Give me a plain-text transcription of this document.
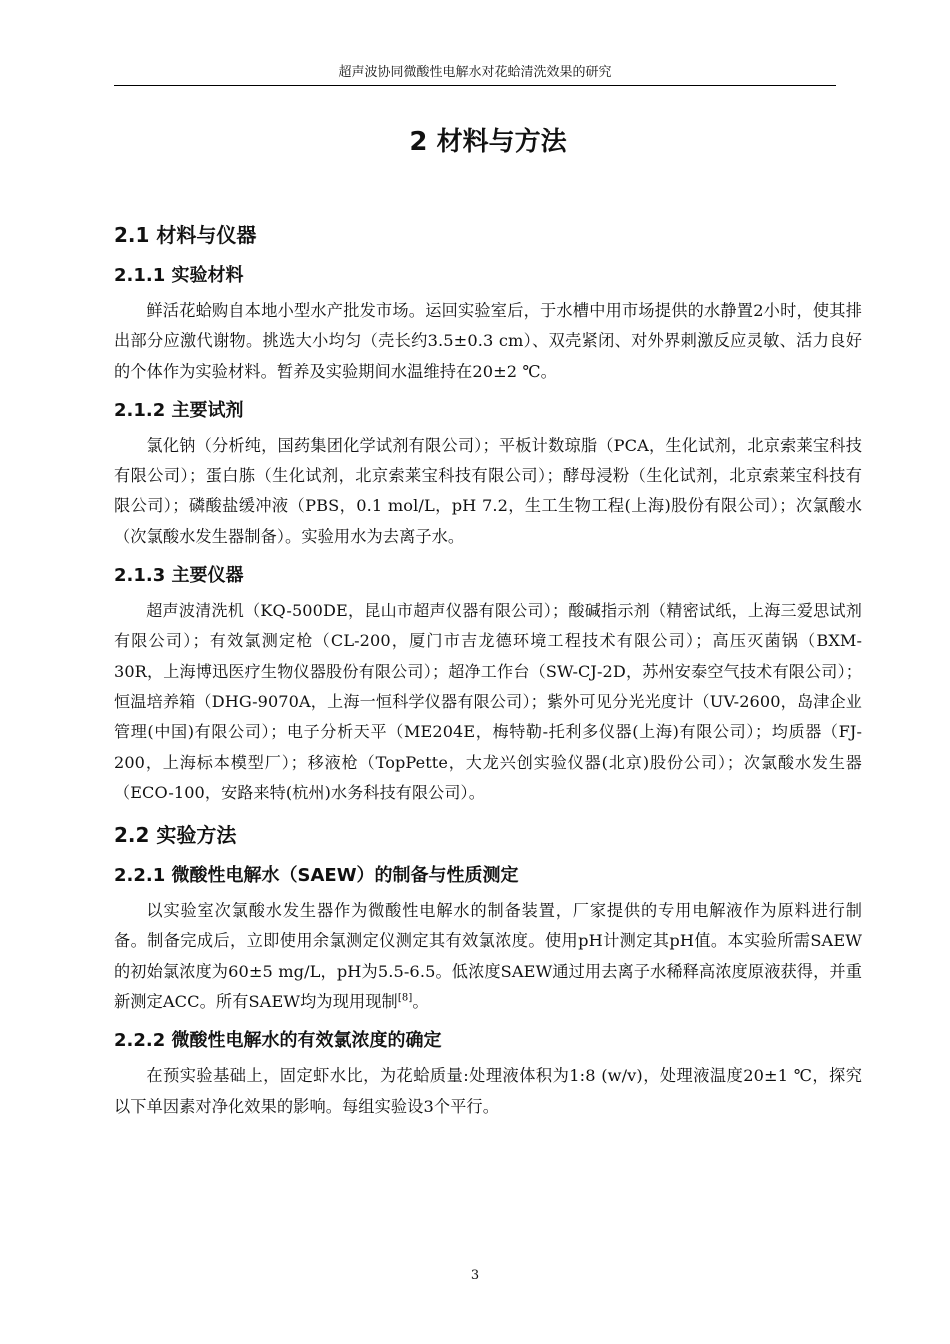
超声波协同微酸性电解水对花蛤清洗效果的研究
2 材料与方法
2.1 材料与仪器
2.1.1 实验材料

鲜活花蛤购自本地小型水产批发市场。运回实验室后，于水槽中用市场提供的水静置2小时，使其排出部分应激代谢物。挑选大小均匀（壳长约3.5±0.3 cm）、双壳紧闭、对外界刺激反应灵敏、活力良好的个体作为实验材料。暂养及实验期间水温维持在20±2 ℃。

2.1.2 主要试剂

氯化钠（分析纯，国药集团化学试剂有限公司）；平板计数琼脂（PCA，生化试剂，北京索莱宝科技有限公司）；蛋白胨（生化试剂，北京索莱宝科技有限公司）；酵母浸粉（生化试剂，北京索莱宝科技有限公司）；磷酸盐缓冲液（PBS，0.1 mol/L，pH 7.2，生工生物工程(上海)股份有限公司）；次氯酸水（次氯酸水发生器制备）。实验用水为去离子水。

2.1.3 主要仪器

超声波清洗机（KQ-500DE，昆山市超声仪器有限公司）；酸碱指示剂（精密试纸，上海三爱思试剂有限公司）；有效氯测定枪（CL-200，厦门市吉龙德环境工程技术有限公司）；高压灭菌锅（BXM-30R，上海博迅医疗生物仪器股份有限公司）；超净工作台（SW-CJ-2D，苏州安泰空气技术有限公司）；恒温培养箱（DHG-9070A，上海一恒科学仪器有限公司）；紫外可见分光光度计（UV-2600，岛津企业管理(中国)有限公司）；电子分析天平（ME204E，梅特勒-托利多仪器(上海)有限公司）；均质器（FJ-200，上海标本模型厂）；移液枪（TopPette，大龙兴创实验仪器(北京)股份公司）；次氯酸水发生器（ECO-100，安路来特(杭州)水务科技有限公司）。

2.2 实验方法
2.2.1 微酸性电解水（SAEW）的制备与性质测定

以实验室次氯酸水发生器作为微酸性电解水的制备装置，厂家提供的专用电解液作为原料进行制备。制备完成后，立即使用余氯测定仪测定其有效氯浓度。使用pH计测定其pH值。本实验所需SAEW的初始氯浓度为60±5 mg/L，pH为5.5-6.5。低浓度SAEW通过用去离子水稀释高浓度原液获得，并重新测定ACC。所有SAEW均为现用现制[8]。

2.2.2 微酸性电解水的有效氯浓度的确定

在预实验基础上，固定虾水比，为花蛤质量:处理液体积为1:8 (w/v)，处理液温度20±1 ℃，探究以下单因素对净化效果的影响。每组实验设3个平行。

3
